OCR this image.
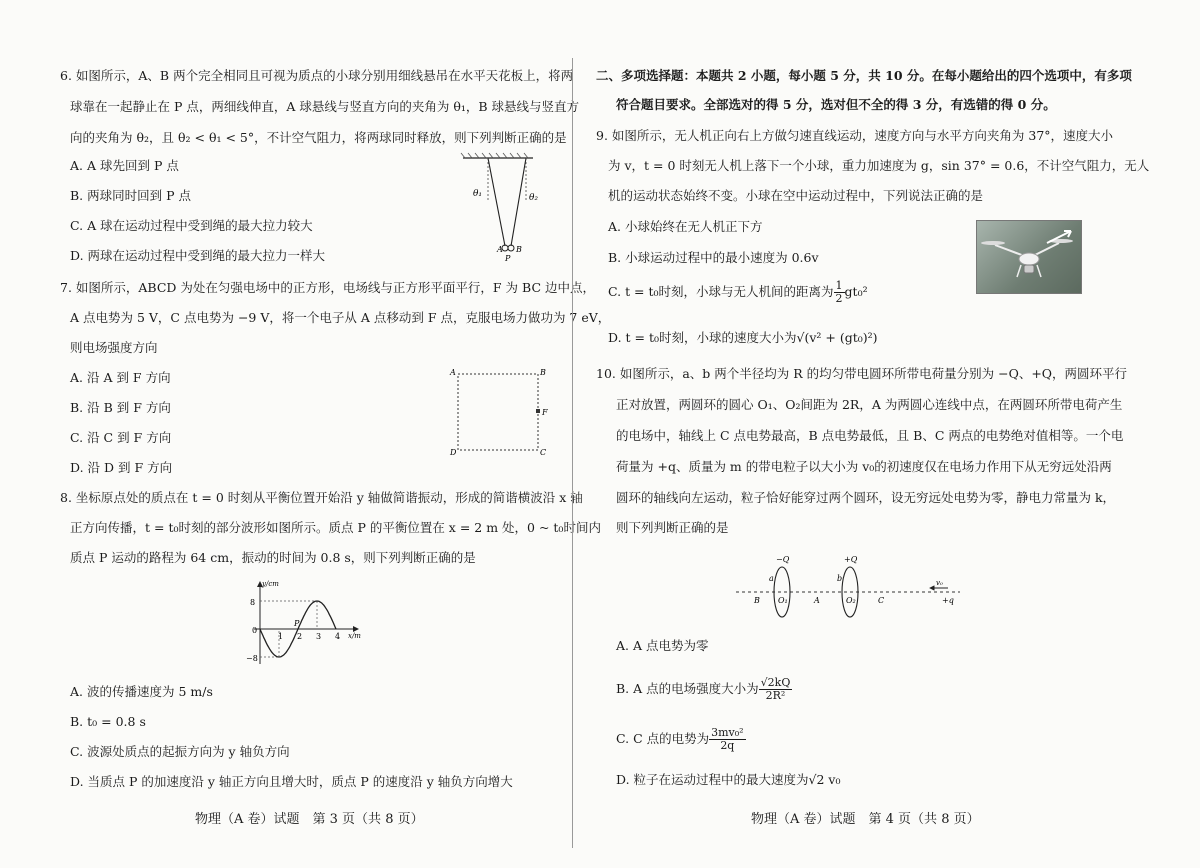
6. 如图所示，A、B 两个完全相同且可视为质点的小球分别用细线悬吊在水平天花板上，将两
球靠在一起静止在 P 点，两细线伸直，A 球悬线与竖直方向的夹角为 θ₁，B 球悬线与竖直方
向的夹角为 θ₂，且 θ₂ < θ₁ < 5°，不计空气阻力，将两球同时释放，则下列判断正确的是
A. A 球先回到 P 点
B. 两球同时回到 P 点
C. A 球在运动过程中受到绳的最大拉力较大
D. 两球在运动过程中受到绳的最大拉力一样大
θ₁	θ₂
A B
P
7. 如图所示，ABCD 为处在匀强电场中的正方形，电场线与正方形平面平行，F 为 BC 边中点，
A 点电势为 5 V，C 点电势为 −9 V，将一个电子从 A 点移动到 F 点，克服电场力做功为 7 eV，
则电场强度方向
A. 沿 A 到 F 方向
B. 沿 B 到 F 方向
C. 沿 C 到 F 方向
D. 沿 D 到 F 方向
A	B
C
D
F
8. 坐标原点处的质点在 t = 0 时刻从平衡位置开始沿 y 轴做简谐振动，形成的简谐横波沿 x 轴
正方向传播，t = t₀时刻的部分波形如图所示。质点 P 的平衡位置在 x = 2 m 处，0 ~ t₀时间内
质点 P 运动的路程为 64 cm，振动的时间为 0.8 s，则下列判断正确的是
y/cm
x/m
8
0
−8
1 2 3 4
P
A. 波的传播速度为 5 m/s
B. t₀ = 0.8 s
C. 波源处质点的起振方向为 y 轴负方向
D. 当质点 P 的加速度沿 y 轴正方向且增大时，质点 P 的速度沿 y 轴负方向增大
物理（A 卷）试题　第 3 页（共 8 页）
二、多项选择题：本题共 2 小题，每小题 5 分，共 10 分。在每小题给出的四个选项中，有多项
符合题目要求。全部选对的得 5 分，选对但不全的得 3 分，有选错的得 0 分。
9. 如图所示，无人机正向右上方做匀速直线运动，速度方向与水平方向夹角为 37°，速度大小
为 v，t = 0 时刻无人机上落下一个小球，重力加速度为 g，sin 37° = 0.6，不计空气阻力，无人
机的运动状态始终不变。小球在空中运动过程中，下列说法正确的是
A. 小球始终在无人机正下方
B. 小球运动过程中的最小速度为 0.6v
C. t = t₀时刻，小球与无人机间的距离为 $\frac{1}{2} gt_0^2$
D. t = t₀时刻，小球的速度大小为√(v² + (gt₀)²)
10. 如图所示，a、b 两个半径均为 R 的均匀带电圆环所带电荷量分别为 −Q、+Q，两圆环平行
正对放置，两圆环的圆心 O₁、O₂间距为 2R，A 为两圆心连线中点，在两圆环所带电荷产生
的电场中，轴线上 C 点电势最高，B 点电势最低，且 B、C 两点的电势绝对值相等。一个电
荷量为 +q、质量为 m 的带电粒子以大小为 v₀的初速度仅在电场力作用下从无穷远处沿两
圆环的轴线向左运动，粒子恰好能穿过两个圆环，设无穷远处电势为零，静电力常量为 k，
则下列判断正确的是
−Q	+Q
a	b
B O₁	A	O₂	C
v₀
+q
A. A 点电势为零
B. A 点的电场强度大小为 $\frac{√2kQ}{\text{2R²}}$
C. C 点的电势为 $\frac{\text{3mv₀²}}{2q}$
D. 粒子在运动过程中的最大速度为√2 v₀
物理（A 卷）试题　第 4 页（共 8 页）
